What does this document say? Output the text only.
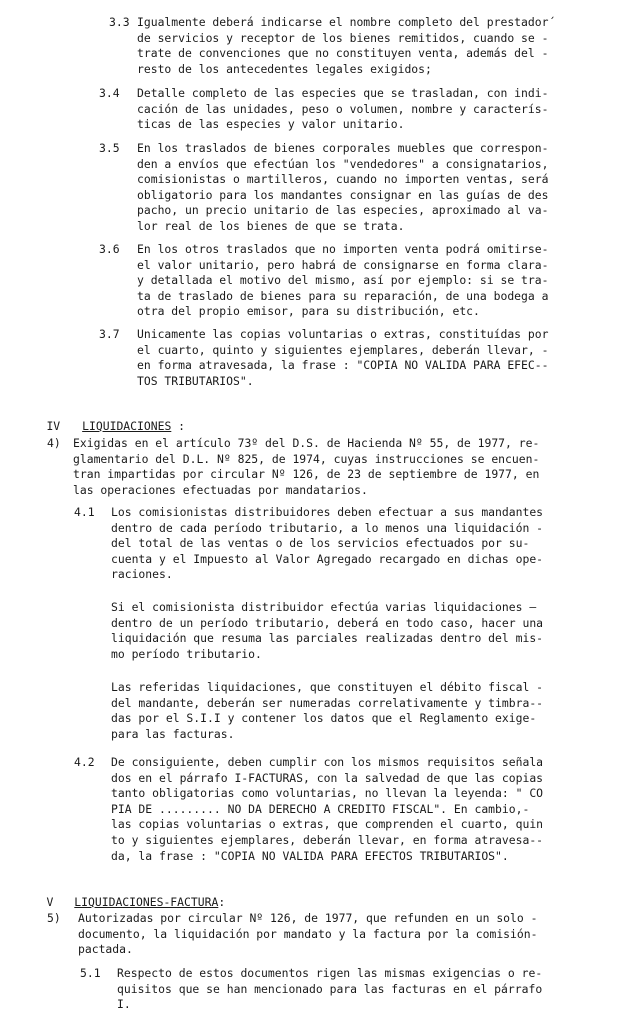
3.3 Igualmente deberá indicarse el nombre completo del prestador´
de servicios y receptor de los bienes remitidos, cuando se -
trate de convenciones que no constituyen venta, además del -
resto de los antecedentes legales exigidos;
3.4 Detalle completo de las especies que se trasladan, con indi-
cación de las unidades, peso o volumen, nombre y caracterís-
ticas de las especies y valor unitario.
3.5 En los traslados de bienes corporales muebles que correspon-
den a envíos que efectúan los "vendedores" a consignatarios,
comisionistas o martilleros, cuando no importen ventas, será
obligatorio para los mandantes consignar en las guías de des
pacho, un precio unitario de las especies, aproximado al va-
lor real de los bienes de que se trata.
3.6 En los otros traslados que no importen venta podrá omitirse-
el valor unitario, pero habrá de consignarse en forma clara-
y detallada el motivo del mismo, así por ejemplo: si se tra-
ta de traslado de bienes para su reparación, de una bodega a
otra del propio emisor, para su distribución, etc.
3.7 Unicamente las copias voluntarias o extras, constituídas por
el cuarto, quinto y siguientes ejemplares, deberán llevar, -
en forma atravesada, la frase : "COPIA NO VALIDA PARA EFEC--
TOS TRIBUTARIOS".

IV LIQUIDACIONES :

4) Exigidas en el artículo 73º del D.S. de Hacienda Nº 55, de 1977, re-
glamentario del D.L. Nº 825, de 1974, cuyas instrucciones se encuen-
tran impartidas por circular Nº 126, de 23 de septiembre de 1977, en
las operaciones efectuadas por mandatarios.
4.1 Los comisionistas distribuidores deben efectuar a sus mandantes
dentro de cada período tributario, a lo menos una liquidación -
del total de las ventas o de los servicios efectuados por su-
cuenta y el Impuesto al Valor Agregado recargado en dichas ope-
raciones.
Si el comisionista distribuidor efectúa varias liquidaciones —
dentro de un período tributario, deberá en todo caso, hacer una
liquidación que resuma las parciales realizadas dentro del mis-
mo período tributario.
Las referidas liquidaciones, que constituyen el débito fiscal -
del mandante, deberán ser numeradas correlativamente y timbra--
das por el S.I.I y contener los datos que el Reglamento exige-
para las facturas.
4.2 De consiguiente, deben cumplir con los mismos requisitos señala
dos en el párrafo I-FACTURAS, con la salvedad de que las copias
tanto obligatorias como voluntarias, no llevan la leyenda: " CO
PIA DE ......... NO DA DERECHO A CREDITO FISCAL". En cambio,-
las copias voluntarias o extras, que comprenden el cuarto, quin
to y siguientes ejemplares, deberán llevar, en forma atravesa--
da, la frase : "COPIA NO VALIDA PARA EFECTOS TRIBUTARIOS".

V LIQUIDACIONES-FACTURA:

5) Autorizadas por circular Nº 126, de 1977, que refunden en un solo -
documento, la liquidación por mandato y la factura por la comisión-
pactada.
5.1 Respecto de estos documentos rigen las mismas exigencias o re-
quisitos que se han mencionado para las facturas en el párrafo
I.
